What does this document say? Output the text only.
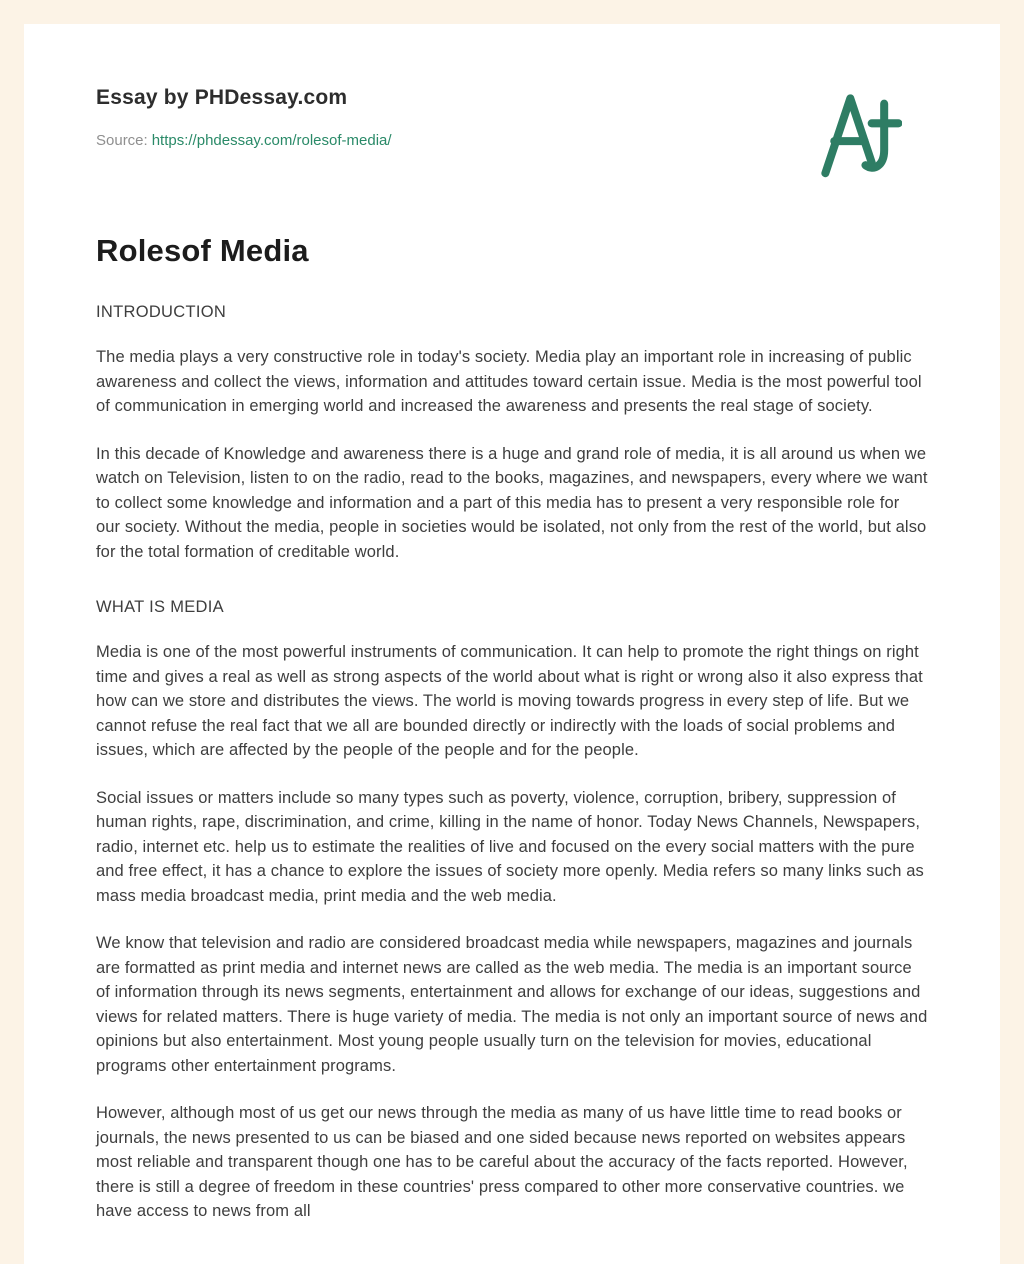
Essay by PHDessay.com
Source: https://phdessay.com/rolesof-media/
Rolesof Media
INTRODUCTION

The media plays a very constructive role in today's society. Media play an important role in increasing of public awareness and collect the views, information and attitudes toward certain issue. Media is the most powerful tool of communication in emerging world and increased the awareness and presents the real stage of society.

In this decade of Knowledge and awareness there is a huge and grand role of media, it is all around us when we watch on Television, listen to on the radio, read to the books, magazines, and newspapers, every where we want to collect some knowledge and information and a part of this media has to present a very responsible role for our society. Without the media, people in societies would be isolated, not only from the rest of the world, but also for the total formation of creditable world.

WHAT IS MEDIA

Media is one of the most powerful instruments of communication. It can help to promote the right things on right time and gives a real as well as strong aspects of the world about what is right or wrong also it also express that how can we store and distributes the views. The world is moving towards progress in every step of life. But we cannot refuse the real fact that we all are bounded directly or indirectly with the loads of social problems and issues, which are affected by the people of the people and for the people.

Social issues or matters include so many types such as poverty, violence, corruption, bribery, suppression of human rights, rape, discrimination, and crime, killing in the name of honor. Today News Channels, Newspapers, radio, internet etc. help us to estimate the realities of live and focused on the every social matters with the pure and free effect, it has a chance to explore the issues of society more openly. Media refers so many links such as mass media broadcast media, print media and the web media.

We know that television and radio are considered broadcast media while newspapers, magazines and journals are formatted as print media and internet news are called as the web media. The media is an important source of information through its news segments, entertainment and allows for exchange of our ideas, suggestions and views for related matters. There is huge variety of media. The media is not only an important source of news and opinions but also entertainment. Most young people usually turn on the television for movies, educational programs other entertainment programs.

However, although most of us get our news through the media as many of us have little time to read books or journals, the news presented to us can be biased and one sided because news reported on websites appears most reliable and transparent though one has to be careful about the accuracy of the facts reported. However, there is still a degree of freedom in these countries' press compared to other more conservative countries. we have access to news from all
